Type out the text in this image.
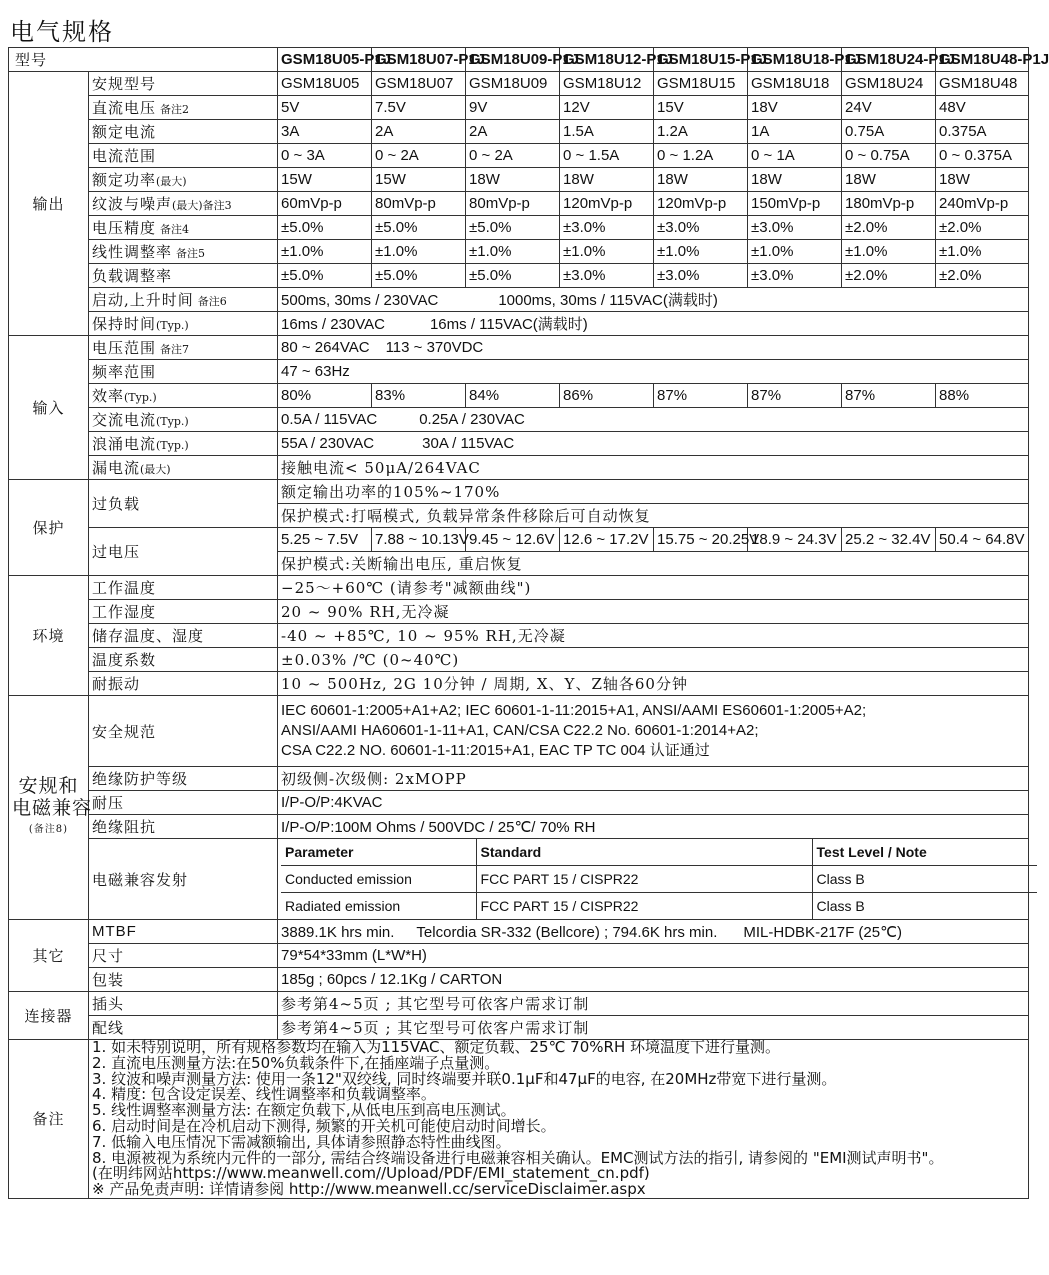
电气规格
型号	GSM18U05-P1J	GSM18U07-P1J	GSM18U09-P1J	GSM18U12-P1J	GSM18U15-P1J	GSM18U18-P1J	GSM18U24-P1J	GSM18U48-P1J
输出	安规型号	GSM18U05	GSM18U07	GSM18U09	GSM18U12	GSM18U15	GSM18U18	GSM18U24	GSM18U48
直流电压 备注2	5V	7.5V	9V	12V	15V	18V	24V	48V
额定电流	3A	2A	2A	1.5A	1.2A	1A	0.75A	0.375A
电流范围	0 ~ 3A	0 ~ 2A	0 ~ 2A	0 ~ 1.5A	0 ~ 1.2A	0 ~ 1A	0 ~ 0.75A	0 ~ 0.375A
额定功率(最大)	15W	15W	18W	18W	18W	18W	18W	18W
纹波与噪声(最大)备注3	60mVp-p	80mVp-p	80mVp-p	120mVp-p	120mVp-p	150mVp-p	180mVp-p	240mVp-p
电压精度 备注4	±5.0%	±5.0%	±5.0%	±3.0%	±3.0%	±3.0%	±2.0%	±2.0%
线性调整率 备注5	±1.0%	±1.0%	±1.0%	±1.0%	±1.0%	±1.0%	±1.0%	±1.0%
负载调整率	±5.0%	±5.0%	±5.0%	±3.0%	±3.0%	±3.0%	±2.0%	±2.0%
启动,上升时间 备注6	500ms, 30ms / 230VAC	1000ms, 30ms / 115VAC(满载时)
保持时间(Typ.)	16ms / 230VAC	16ms / 115VAC(满载时)
输入	电压范围 备注7	80 ~ 264VAC 113 ~ 370VDC
频率范围	47 ~ 63Hz
效率(Typ.)	80%	83%	84%	86%	87%	87%	87%	88%
交流电流(Typ.)	0.5A / 115VAC	0.25A / 230VAC
浪涌电流(Typ.)	55A / 230VAC	30A / 115VAC
漏电流(最大)	接触电流< 50μA/264VAC
保护	过负载	额定输出功率的105%~170%
保护模式:打嗝模式, 负载异常条件移除后可自动恢复
过电压	5.25 ~ 7.5V	7.88 ~ 10.13V	9.45 ~ 12.6V	12.6 ~ 17.2V	15.75 ~ 20.25V	18.9 ~ 24.3V	25.2 ~ 32.4V	50.4 ~ 64.8V
保护模式:关断输出电压, 重启恢复
环境	工作温度	−25〜+60℃ (请参考"减额曲线")
工作湿度	20 ~ 90% RH,无冷凝
储存温度、湿度	-40 ~ +85℃, 10 ~ 95% RH,无冷凝
温度系数	±0.03% /℃ (0~40℃)
耐振动	10 ~ 500Hz, 2G 10分钟 / 周期, X、Y、Z轴各60分钟

安规和
电磁兼容
(备注8)
	安全规范	
IEC 60601-1:2005+A1+A2; IEC 60601-1-11:2015+A1, ANSI/AAMI ES60601-1:2005+A2;
ANSI/AAMI HA60601-1-11+A1, CAN/CSA C22.2 No. 60601-1:2014+A2;
CSA C22.2 NO. 60601-1-11:2015+A1, EAC TP TC 004 认证通过

绝缘防护等级	初级侧-次级侧: 2xMOPP
耐压	I/P-O/P:4KVAC
绝缘阻抗	I/P-O/P:100M Ohms / 500VDC / 25℃/ 70% RH
电磁兼容发射	
Parameter	Standard	Test Level / Note
Conducted emission	FCC PART 15 / CISPR22	Class B
Radiated emission	FCC PART 15 / CISPR22	Class B

其它	MTBF	3889.1K hrs min. Telcordia SR-332 (Bellcore) ; 794.6K hrs min. MIL-HDBK-217F (25℃)
尺寸	79*54*33mm (L*W*H)
包装	185g ; 60pcs / 12.1Kg / CARTON
连接器	插头	参考第4~5页 ; 其它型号可依客户需求订制
配线	参考第4~5页 ; 其它型号可依客户需求订制
备注	
1. 如未特别说明，所有规格参数均在输入为115VAC、额定负载、25℃ 70%RH 环境温度下进行量测。
2. 直流电压测量方法:在50%负载条件下,在插座端子点量测。
3. 纹波和噪声测量方法: 使用一条12"双绞线, 同时终端要并联0.1μF和47μF的电容, 在20MHz带宽下进行量测。
4. 精度: 包含设定误差、线性调整率和负载调整率。
5. 线性调整率测量方法: 在额定负载下,从低电压到高电压测试。
6. 启动时间是在冷机启动下测得, 频繁的开关机可能使启动时间增长。
7. 低输入电压情况下需减额输出, 具体请参照静态特性曲线图。
8. 电源被视为系统内元件的一部分, 需结合终端设备进行电磁兼容相关确认。EMC测试方法的指引, 请参阅的 "EMI测试声明书"。
(在明纬网站https://www.meanwell.com//Upload/PDF/EMI_statement_cn.pdf)
※ 产品免责声明: 详情请参阅 http://www.meanwell.cc/serviceDisclaimer.aspx
